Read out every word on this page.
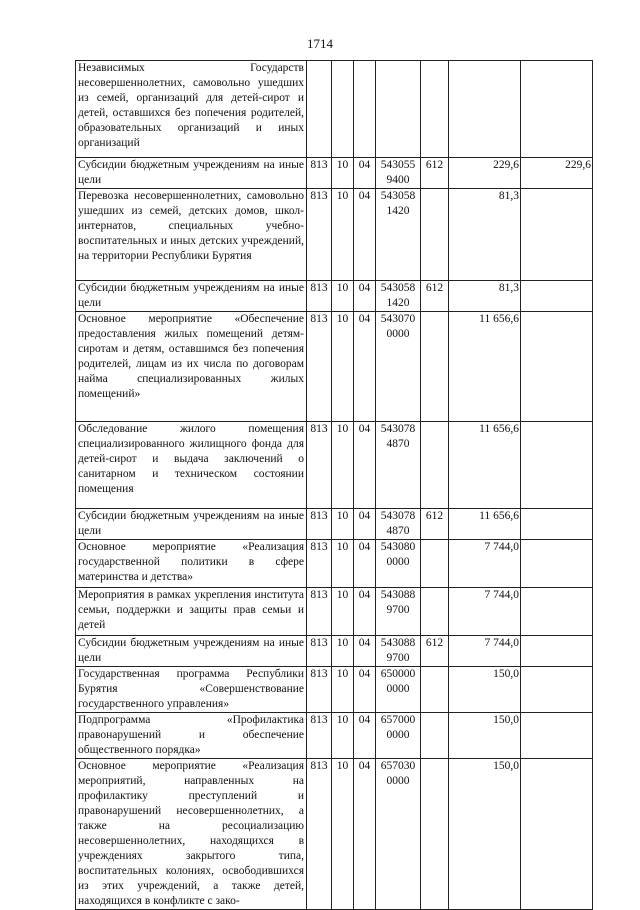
1714
Независимых Государств несовершеннолетних, самовольно ушедших из семей, организаций для детей-сирот и детей, оставшихся без попечения родителей, образовательных организаций и иных организаций							
Субсидии бюджетным учреждениям на иные цели	813	10	04	543055
9400	612	229,6	229,6
Перевозка несовершеннолетних, самовольно ушедших из семей, детских домов, школ-интернатов, специальных учебно-воспитательных и иных детских учреждений, на территории Республики Бурятия	813	10	04	543058
1420		81,3	
Субсидии бюджетным учреждениям на иные цели	813	10	04	543058
1420	612	81,3	
Основное мероприятие «Обеспечение предоставления жилых помещений детям-сиротам и детям, оставшимся без попечения родителей, лицам из их числа по договорам найма специализированных жилых помещений»	813	10	04	543070
0000		11 656,6	
Обследование жилого помещения специализированного жилищного фонда для детей-сирот и выдача заключений о санитарном и техническом состоянии помещения	813	10	04	543078
4870		11 656,6	
Субсидии бюджетным учреждениям на иные цели	813	10	04	543078
4870	612	11 656,6	
Основное мероприятие «Реализация государственной политики в сфере материнства и детства»	813	10	04	543080
0000		7 744,0	
Мероприятия в рамках укрепления института семьи, поддержки и защиты прав семьи и детей	813	10	04	543088
9700		7 744,0	
Субсидии бюджетным учреждениям на иные цели	813	10	04	543088
9700	612	7 744,0	
Государственная программа Республики Бурятия «Совершенствование государственного управления»	813	10	04	650000
0000		150,0	
Подпрограмма «Профилактика правонарушений и обеспечение общественного порядка»	813	10	04	657000
0000		150,0	
Основное мероприятие «Реализация мероприятий, направленных на профилактику преступлений и правонарушений несовершеннолетних, а также на ресоциализацию несовершеннолетних, находящихся в учреждениях закрытого типа, воспитательных колониях, освободившихся из этих учреждений, а также детей, находящихся в конфликте с зако-	813	10	04	657030
0000		150,0	
